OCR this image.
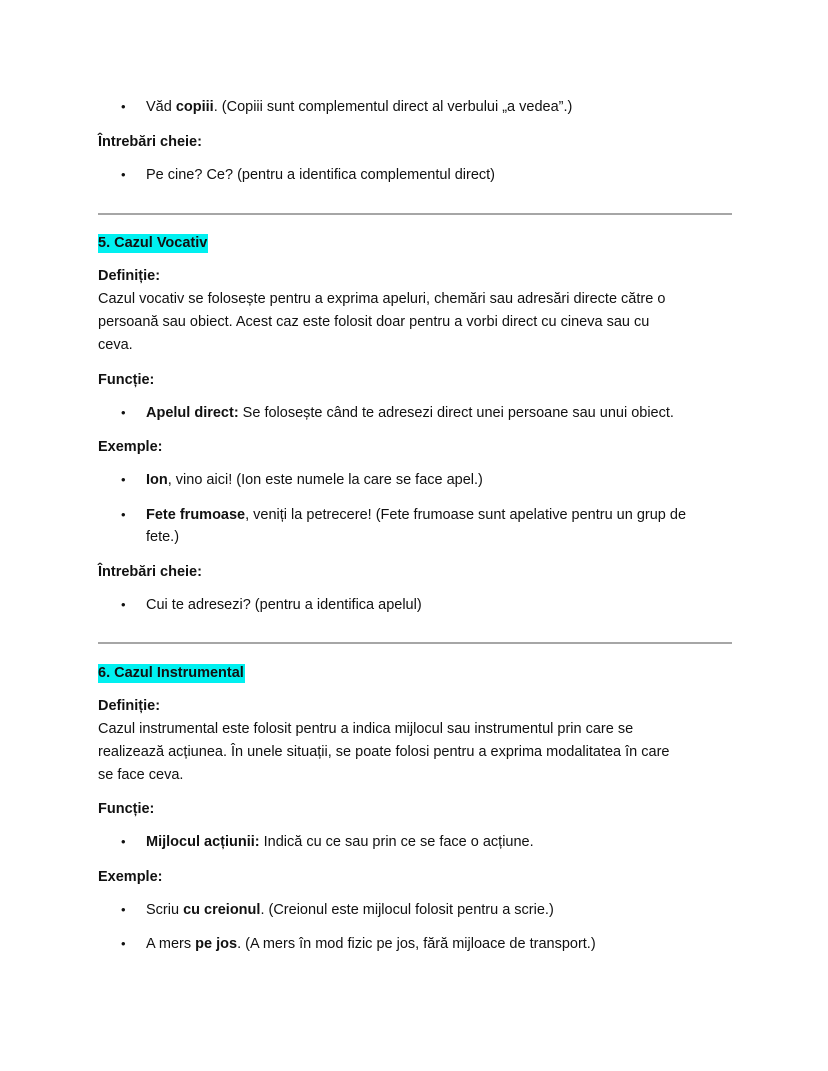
•	Văd copiii. (Copiii sunt complementul direct al verbului „a vedea”.)
Întrebări cheie:
•	Pe cine? Ce? (pentru a identifica complementul direct)
5. Cazul Vocativ
Definiție:
Cazul vocativ se folosește pentru a exprima apeluri, chemări sau adresări directe către o
persoană sau obiect. Acest caz este folosit doar pentru a vorbi direct cu cineva sau cu
ceva.
Funcție:
•	Apelul direct: Se folosește când te adresezi direct unei persoane sau unui obiect.
Exemple:
•	Ion, vino aici! (Ion este numele la care se face apel.)
•	Fete frumoase, veniți la petrecere! (Fete frumoase sunt apelative pentru un grup de
fete.)
Întrebări cheie:
•	Cui te adresezi? (pentru a identifica apelul)
6. Cazul Instrumental
Definiție:
Cazul instrumental este folosit pentru a indica mijlocul sau instrumentul prin care se
realizează acțiunea. În unele situații, se poate folosi pentru a exprima modalitatea în care
se face ceva.
Funcție:
•	Mijlocul acțiunii: Indică cu ce sau prin ce se face o acțiune.
Exemple:
•	Scriu cu creionul. (Creionul este mijlocul folosit pentru a scrie.)
•	A mers pe jos. (A mers în mod fizic pe jos, fără mijloace de transport.)
